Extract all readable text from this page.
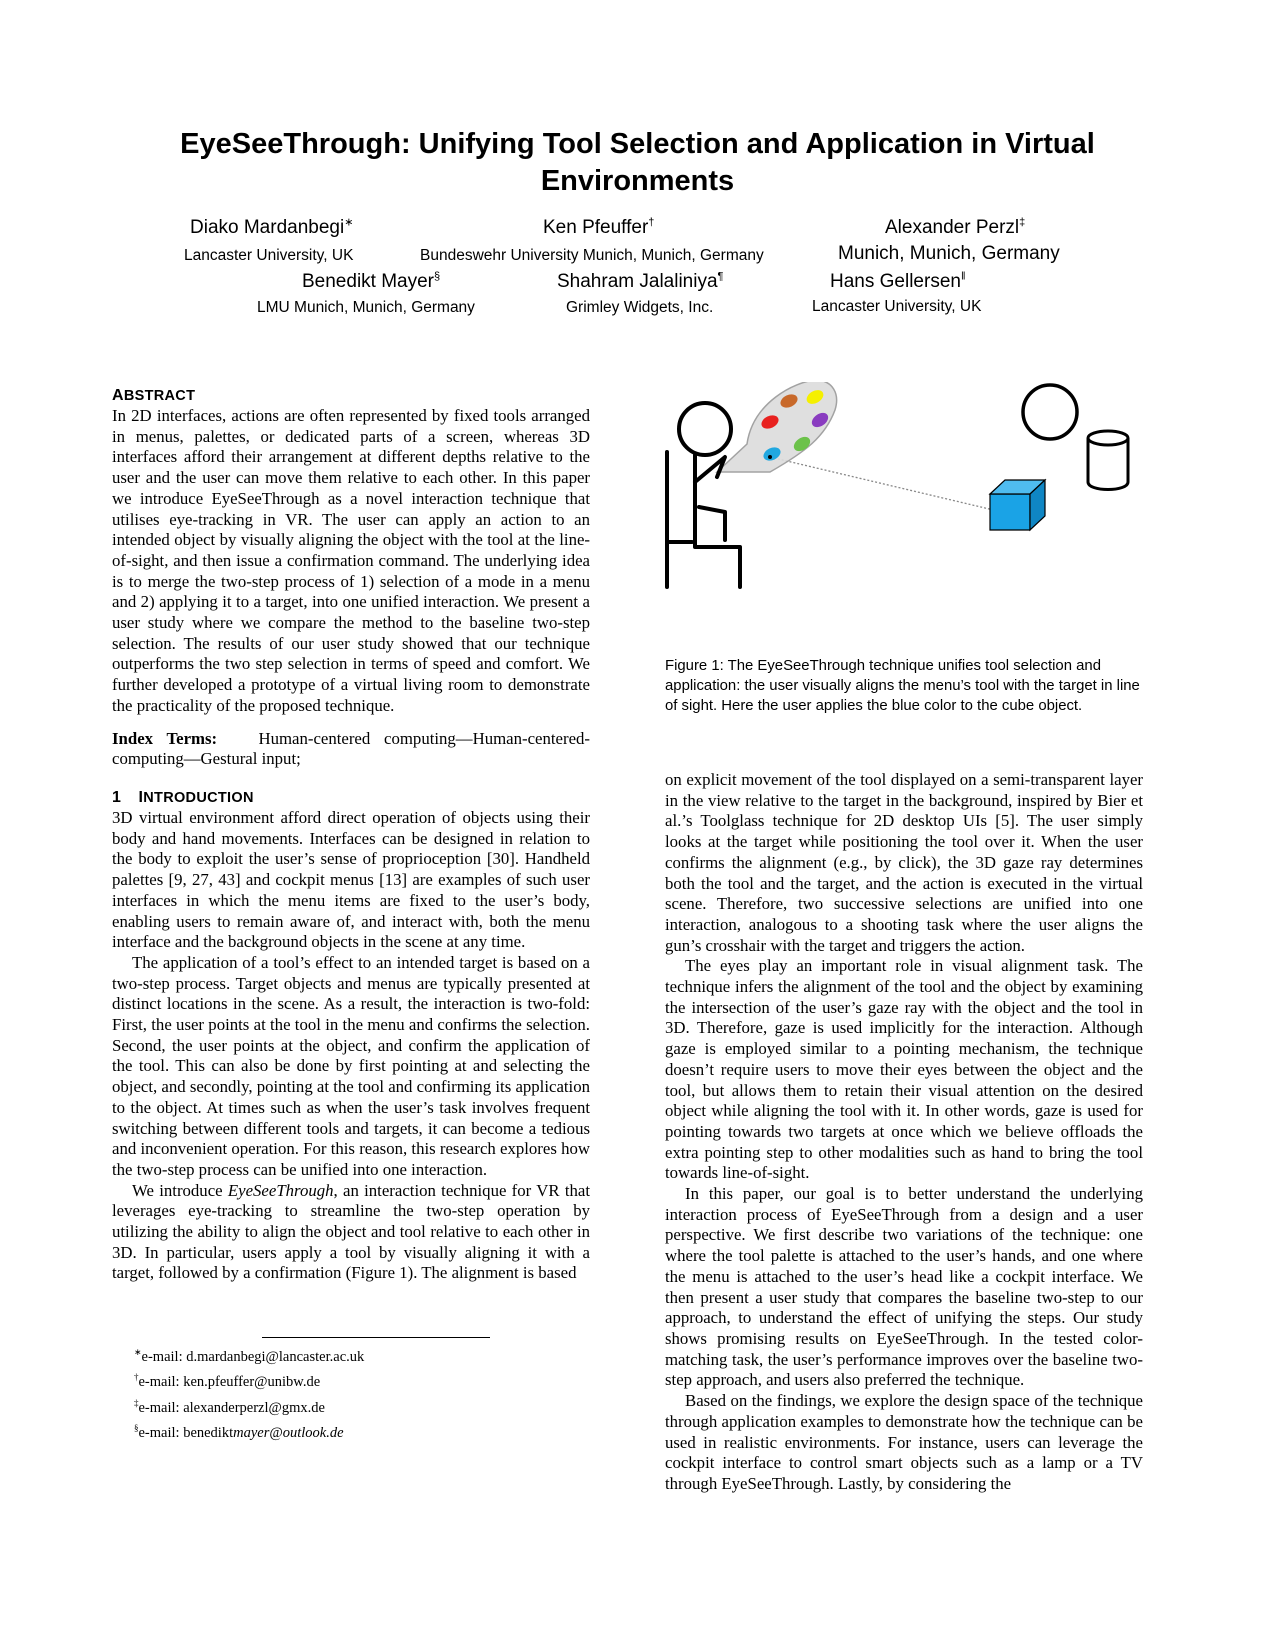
EyeSeeThrough: Unifying Tool Selection and Application in Virtual Environments
Diako Mardanbegi∗	Ken Pfeuffer†	Alexander Perzl‡
Lancaster University, UK	Bundeswehr University Munich, Munich, Germany	Munich, Munich, Germany
Benedikt Mayer§	Shahram Jalaliniya¶	Hans Gellersen‖
LMU Munich, Munich, Germany	Grimley Widgets, Inc.	Lancaster University, UK
ABSTRACT

In 2D interfaces, actions are often represented by fixed tools arranged in menus, palettes, or dedicated parts of a screen, whereas 3D interfaces afford their arrangement at different depths relative to the user and the user can move them relative to each other. In this paper we introduce EyeSeeThrough as a novel interaction technique that utilises eye-tracking in VR. The user can apply an action to an intended object by visually aligning the object with the tool at the line-of-sight, and then issue a confirmation command. The underlying idea is to merge the two-step process of 1) selection of a mode in a menu and 2) applying it to a target, into one unified interaction. We present a user study where we compare the method to the baseline two-step selection. The results of our user study showed that our technique outperforms the two step selection in terms of speed and comfort. We further developed a prototype of a virtual living room to demonstrate the practicality of the proposed technique.

Index Terms: Human-centered computing—Human-centered-computing—Gestural input;

1 INTRODUCTION

3D virtual environment afford direct operation of objects using their body and hand movements. Interfaces can be designed in relation to the body to exploit the user’s sense of proprioception [30]. Handheld palettes [9, 27, 43] and cockpit menus [13] are examples of such user interfaces in which the menu items are fixed to the user’s body, enabling users to remain aware of, and interact with, both the menu interface and the background objects in the scene at any time.

The application of a tool’s effect to an intended target is based on a two-step process. Target objects and menus are typically presented at distinct locations in the scene. As a result, the interaction is two-fold: First, the user points at the tool in the menu and confirms the selection. Second, the user points at the object, and confirm the application of the tool. This can also be done by first pointing at and selecting the object, and secondly, pointing at the tool and confirming its application to the object. At times such as when the user’s task involves frequent switching between different tools and targets, it can become a tedious and inconvenient operation. For this reason, this research explores how the two-step process can be unified into one interaction.

We introduce EyeSeeThrough, an interaction technique for VR that leverages eye-tracking to streamline the two-step operation by utilizing the ability to align the object and tool relative to each other in 3D. In particular, users apply a tool by visually aligning it with a target, followed by a confirmation (Figure 1). The alignment is based

∗e-mail: d.mardanbegi@lancaster.ac.uk
†e-mail: ken.pfeuffer@unibw.de
‡e-mail: alexanderperzl@gmx.de
§e-mail: benediktmayer@outlook.de
Figure 1: The EyeSeeThrough technique unifies tool selection and application: the user visually aligns the menu’s tool with the target in line of sight. Here the user applies the blue color to the cube object.

on explicit movement of the tool displayed on a semi-transparent layer in the view relative to the target in the background, inspired by Bier et al.’s Toolglass technique for 2D desktop UIs [5]. The user simply looks at the target while positioning the tool over it. When the user confirms the alignment (e.g., by click), the 3D gaze ray determines both the tool and the target, and the action is executed in the virtual scene. Therefore, two successive selections are unified into one interaction, analogous to a shooting task where the user aligns the gun’s crosshair with the target and triggers the action.

The eyes play an important role in visual alignment task. The technique infers the alignment of the tool and the object by examining the intersection of the user’s gaze ray with the object and the tool in 3D. Therefore, gaze is used implicitly for the interaction. Although gaze is employed similar to a pointing mechanism, the technique doesn’t require users to move their eyes between the object and the tool, but allows them to retain their visual attention on the desired object while aligning the tool with it. In other words, gaze is used for pointing towards two targets at once which we believe offloads the extra pointing step to other modalities such as hand to bring the tool towards line-of-sight.

In this paper, our goal is to better understand the underlying interaction process of EyeSeeThrough from a design and a user perspective. We first describe two variations of the technique: one where the tool palette is attached to the user’s hands, and one where the menu is attached to the user’s head like a cockpit interface. We then present a user study that compares the baseline two-step to our approach, to understand the effect of unifying the steps. Our study shows promising results on EyeSeeThrough. In the tested color-matching task, the user’s performance improves over the baseline two-step approach, and users also preferred the technique.

Based on the findings, we explore the design space of the technique through application examples to demonstrate how the technique can be used in realistic environments. For instance, users can leverage the cockpit interface to control smart objects such as a lamp or a TV through EyeSeeThrough. Lastly, by considering the
